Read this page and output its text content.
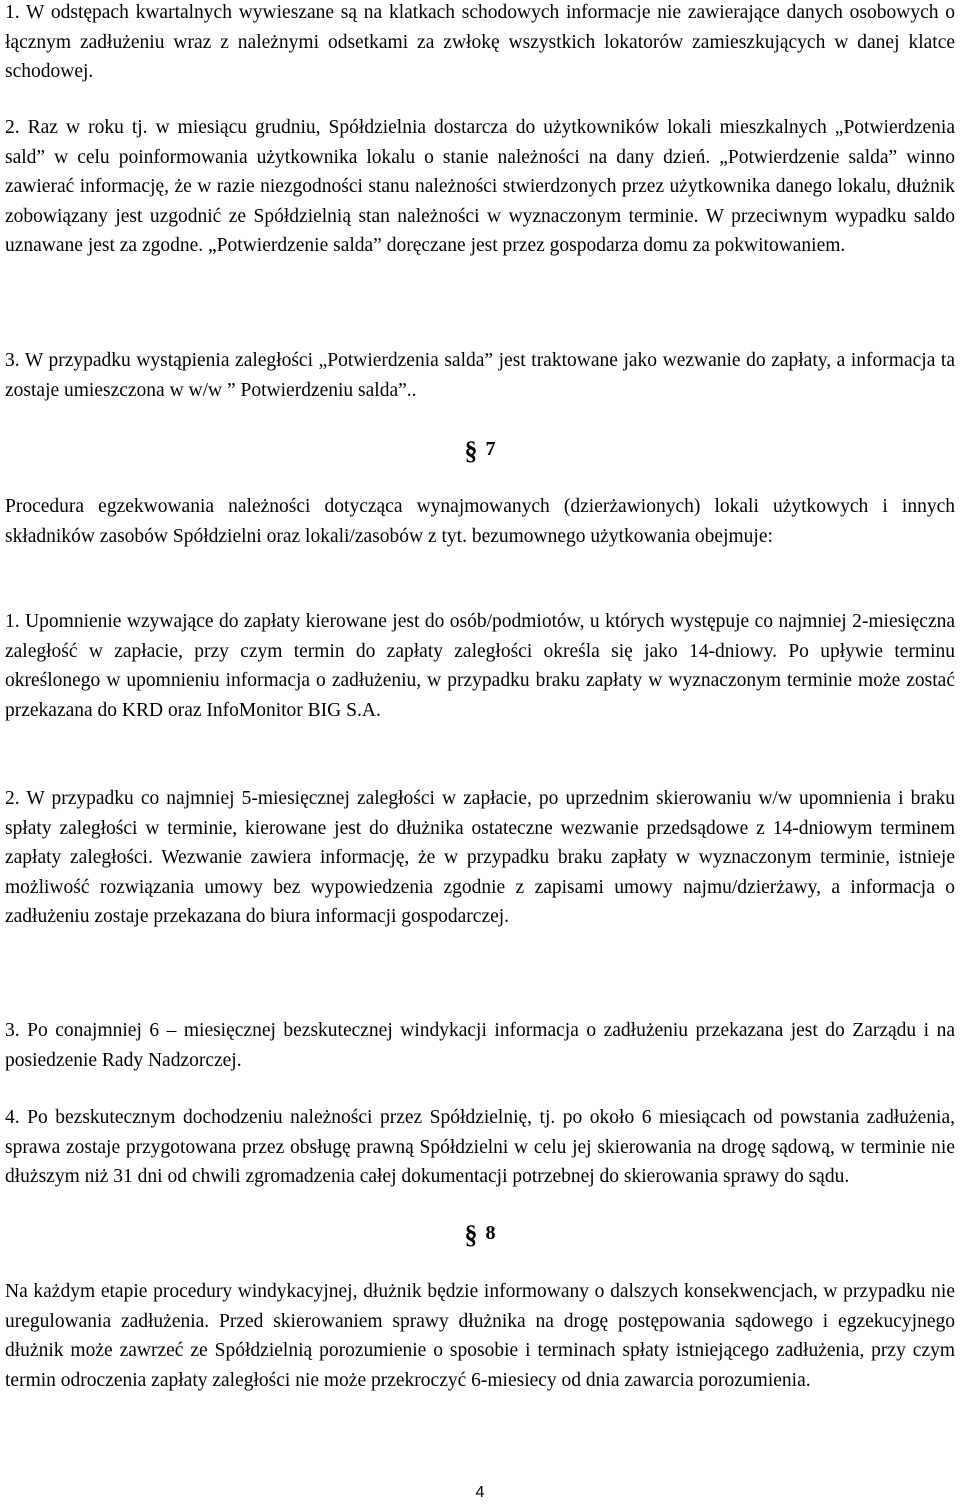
1. W odstępach kwartalnych wywieszane są na klatkach schodowych informacje nie zawierające danych osobowych o łącznym zadłużeniu wraz z należnymi odsetkami za zwłokę wszystkich lokatorów zamieszkujących w danej klatce schodowej.

2. Raz w roku tj. w miesiącu grudniu, Spółdzielnia dostarcza do użytkowników lokali mieszkalnych „Potwierdzenia sald” w celu poinformowania użytkownika lokalu o stanie należności na dany dzień. „Potwierdzenie salda” winno zawierać informację, że w razie niezgodności stanu należności stwierdzonych przez użytkownika danego lokalu, dłużnik zobowiązany jest uzgodnić ze Spółdzielnią stan należności w wyznaczonym terminie. W przeciwnym wypadku saldo uznawane jest za zgodne. „Potwierdzenie salda” doręczane jest przez gospodarza domu za pokwitowaniem.

3. W przypadku wystąpienia zaległości „Potwierdzenia salda” jest traktowane jako wezwanie do zapłaty, a informacja ta zostaje umieszczona w w/w ” Potwierdzeniu salda”..

§ 7

Procedura egzekwowania należności dotycząca wynajmowanych (dzierżawionych) lokali użytkowych i innych składników zasobów Spółdzielni oraz lokali/zasobów z tyt. bezumownego użytkowania obejmuje:

1. Upomnienie wzywające do zapłaty kierowane jest do osób/podmiotów, u których występuje co najmniej 2-miesięczna zaległość w zapłacie, przy czym termin do zapłaty zaległości określa się jako 14-dniowy. Po upływie terminu określonego w upomnieniu informacja o zadłużeniu, w przypadku braku zapłaty w wyznaczonym terminie może zostać przekazana do KRD oraz InfoMonitor BIG S.A.

2. W przypadku co najmniej 5-miesięcznej zaległości w zapłacie, po uprzednim skierowaniu w/w upomnienia i braku spłaty zaległości w terminie, kierowane jest do dłużnika ostateczne wezwanie przedsądowe z 14-dniowym terminem zapłaty zaległości. Wezwanie zawiera informację, że w przypadku braku zapłaty w wyznaczonym terminie, istnieje możliwość rozwiązania umowy bez wypowiedzenia zgodnie z zapisami umowy najmu/dzierżawy, a informacja o zadłużeniu zostaje przekazana do biura informacji gospodarczej.

3. Po conajmniej 6 – miesięcznej bezskutecznej windykacji informacja o zadłużeniu przekazana jest do Zarządu i na posiedzenie Rady Nadzorczej.

4. Po bezskutecznym dochodzeniu należności przez Spółdzielnię, tj. po około 6 miesiącach od powstania zadłużenia, sprawa zostaje przygotowana przez obsługę prawną Spółdzielni w celu jej skierowania na drogę sądową, w terminie nie dłuższym niż 31 dni od chwili zgromadzenia całej dokumentacji potrzebnej do skierowania sprawy do sądu.

§ 8

Na każdym etapie procedury windykacyjnej, dłużnik będzie informowany o dalszych konsekwencjach, w przypadku nie uregulowania zadłużenia. Przed skierowaniem sprawy dłużnika na drogę postępowania sądowego i egzekucyjnego dłużnik może zawrzeć ze Spółdzielnią porozumienie o sposobie i terminach spłaty istniejącego zadłużenia, przy czym termin odroczenia zapłaty zaległości nie może przekroczyć 6-miesiecy od dnia zawarcia porozumienia.

4
